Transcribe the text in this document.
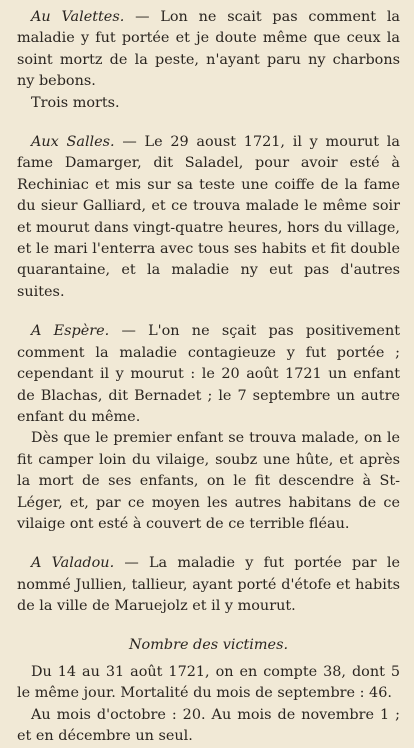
Au Valettes. — Lon ne scait pas comment la maladie y fut portée et je doute même que ceux la soint mortz de la peste, n'ayant paru ny charbons ny bebons.

Trois morts.

Aux Salles. — Le 29 aoust 1721, il y mourut la fame Damarger, dit Saladel, pour avoir esté à Rechiniac et mis sur sa teste une coiffe de la fame du sieur Galliard, et ce trouva malade le même soir et mourut dans vingt-quatre heures, hors du village, et le mari l'enterra avec tous ses habits et fit double quarantaine, et la maladie ny eut pas d'autres suites.

A Espère. — L'on ne sçait pas positivement comment la maladie contagieuze y fut portée ; cependant il y mourut : le 20 août 1721 un enfant de Blachas, dit Bernadet ; le 7 septembre un autre enfant du même.

Dès que le premier enfant se trouva malade, on le fit camper loin du vilaige, soubz une hûte, et après la mort de ses enfants, on le fit descendre à St-Léger, et, par ce moyen les autres habitans de ce vilaige ont esté à couvert de ce terrible fléau.

A Valadou. — La maladie y fut portée par le nommé Jullien, tallieur, ayant porté d'étofe et habits de la ville de Maruejolz et il y mourut.

Nombre des victimes.

Du 14 au 31 août 1721, on en compte 38, dont 5 le même jour. Mortalité du mois de septembre : 46.

Au mois d'octobre : 20. Au mois de novembre 1 ; et en décembre un seul.
